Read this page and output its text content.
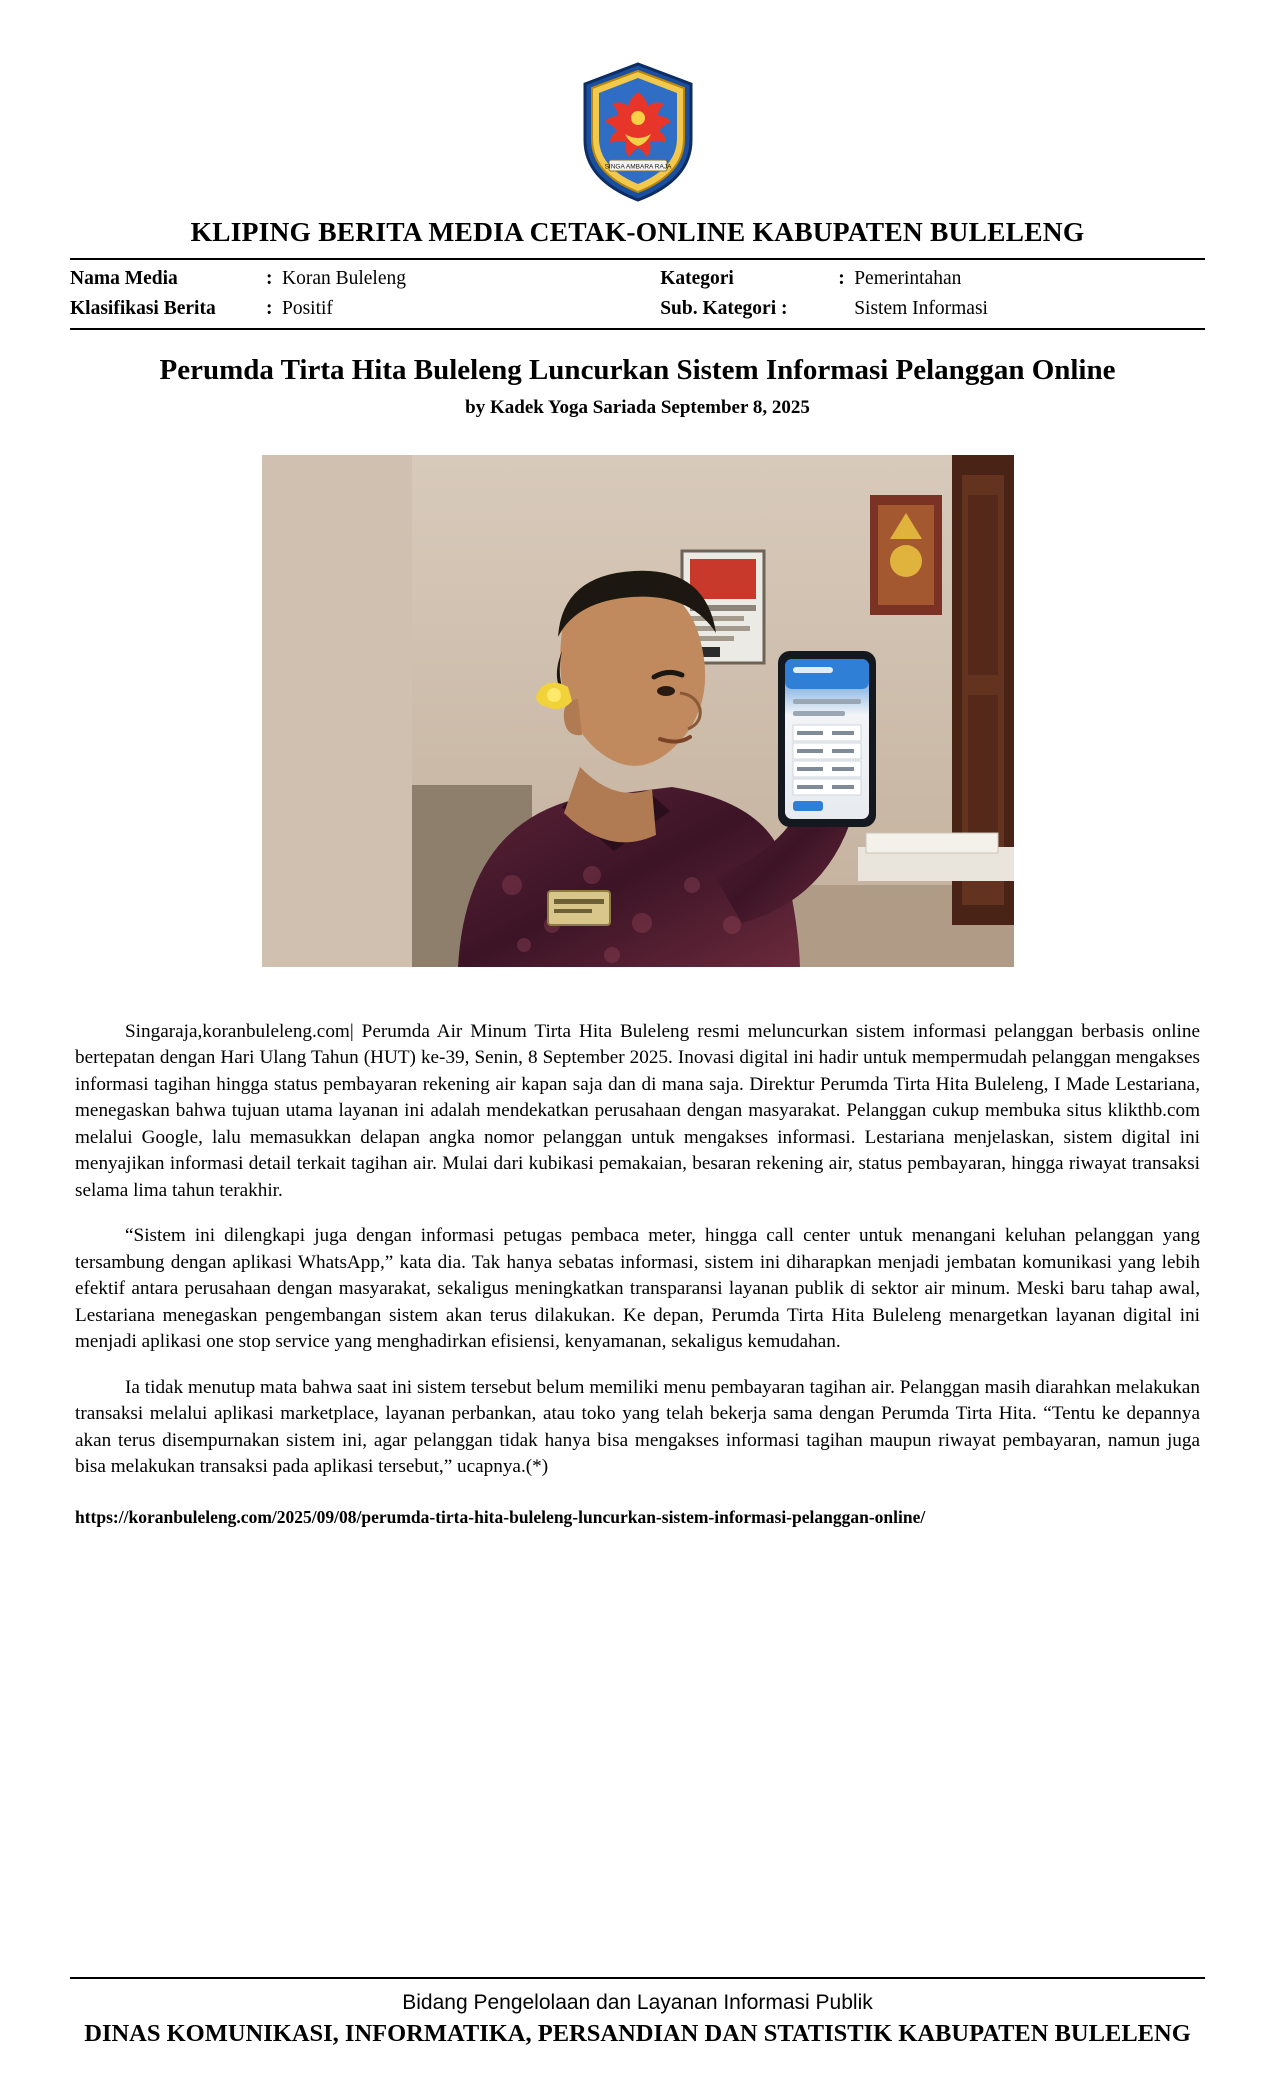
SINGA AMBARA RAJA
KLIPING BERITA MEDIA CETAK-ONLINE KABUPATEN BULELENG
Nama Media	: Koran Buleleng
Klasifikasi Berita	: Positif
Kategori	: Pemerintahan
Sub. Kategori :	Sistem Informasi
Perumda Tirta Hita Buleleng Luncurkan Sistem Informasi Pelanggan Online
by Kadek Yoga Sariada September 8, 2025

Singaraja,koranbuleleng.com| Perumda Air Minum Tirta Hita Buleleng resmi meluncurkan sistem informasi pelanggan berbasis online bertepatan dengan Hari Ulang Tahun (HUT) ke-39, Senin, 8 September 2025. Inovasi digital ini hadir untuk mempermudah pelanggan mengakses informasi tagihan hingga status pembayaran rekening air kapan saja dan di mana saja. Direktur Perumda Tirta Hita Buleleng, I Made Lestariana, menegaskan bahwa tujuan utama layanan ini adalah mendekatkan perusahaan dengan masyarakat. Pelanggan cukup membuka situs klikthb.com melalui Google, lalu memasukkan delapan angka nomor pelanggan untuk mengakses informasi. Lestariana menjelaskan, sistem digital ini menyajikan informasi detail terkait tagihan air. Mulai dari kubikasi pemakaian, besaran rekening air, status pembayaran, hingga riwayat transaksi selama lima tahun terakhir.

“Sistem ini dilengkapi juga dengan informasi petugas pembaca meter, hingga call center untuk menangani keluhan pelanggan yang tersambung dengan aplikasi WhatsApp,” kata dia. Tak hanya sebatas informasi, sistem ini diharapkan menjadi jembatan komunikasi yang lebih efektif antara perusahaan dengan masyarakat, sekaligus meningkatkan transparansi layanan publik di sektor air minum. Meski baru tahap awal, Lestariana menegaskan pengembangan sistem akan terus dilakukan. Ke depan, Perumda Tirta Hita Buleleng menargetkan layanan digital ini menjadi aplikasi one stop service yang menghadirkan efisiensi, kenyamanan, sekaligus kemudahan.

Ia tidak menutup mata bahwa saat ini sistem tersebut belum memiliki menu pembayaran tagihan air. Pelanggan masih diarahkan melakukan transaksi melalui aplikasi marketplace, layanan perbankan, atau toko yang telah bekerja sama dengan Perumda Tirta Hita. “Tentu ke depannya akan terus disempurnakan sistem ini, agar pelanggan tidak hanya bisa mengakses informasi tagihan maupun riwayat pembayaran, namun juga bisa melakukan transaksi pada aplikasi tersebut,” ucapnya.(*)

https://koranbuleleng.com/2025/09/08/perumda-tirta-hita-buleleng-luncurkan-sistem-informasi-pelanggan-online/
Bidang Pengelolaan dan Layanan Informasi Publik
DINAS KOMUNIKASI, INFORMATIKA, PERSANDIAN DAN STATISTIK KABUPATEN BULELENG
